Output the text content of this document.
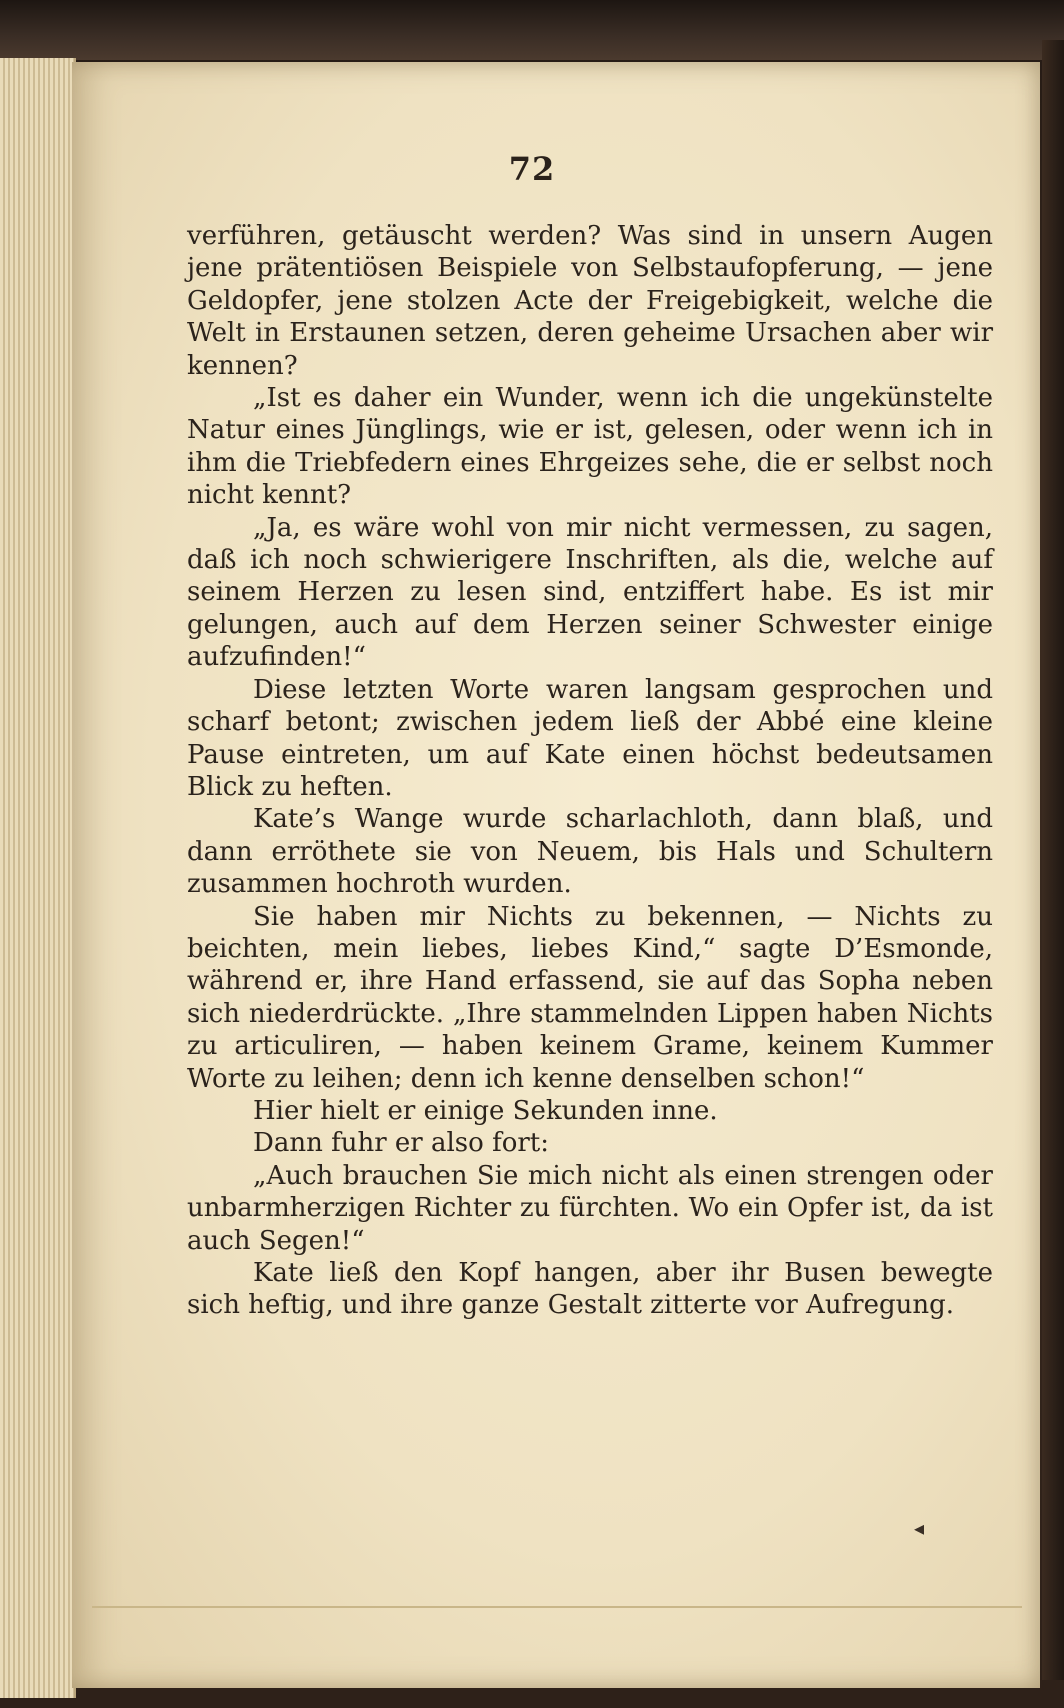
72

verführen, getäuscht werden? Was sind in unsern Augen jene prätentiösen Beispiele von Selbstaufopferung, — jene Geldopfer, jene stolzen Acte der Freigebigkeit, welche die Welt in Erstaunen setzen, deren geheime Ursachen aber wir kennen?

„Ist es daher ein Wunder, wenn ich die ungekünstelte Natur eines Jünglings, wie er ist, gelesen, oder wenn ich in ihm die Triebfedern eines Ehrgeizes sehe, die er selbst noch nicht kennt?

„Ja, es wäre wohl von mir nicht vermessen, zu sagen, daß ich noch schwierigere Inschriften, als die, welche auf seinem Herzen zu lesen sind, entziffert habe. Es ist mir gelungen, auch auf dem Herzen seiner Schwester einige aufzufinden!“

Diese letzten Worte waren langsam gesprochen und scharf betont; zwischen jedem ließ der Abbé eine kleine Pause eintreten, um auf Kate einen höchst bedeutsamen Blick zu heften.

Kate’s Wange wurde scharlachloth, dann blaß, und dann erröthete sie von Neuem, bis Hals und Schultern zusammen hochroth wurden.

Sie haben mir Nichts zu bekennen, — Nichts zu beichten, mein liebes, liebes Kind,“ sagte D’Esmonde, während er, ihre Hand erfassend, sie auf das Sopha neben sich niederdrückte. „Ihre stammelnden Lippen haben Nichts zu articuliren, — haben keinem Grame, keinem Kummer Worte zu leihen; denn ich kenne denselben schon!“

Hier hielt er einige Sekunden inne.

Dann fuhr er also fort:

„Auch brauchen Sie mich nicht als einen strengen oder unbarmherzigen Richter zu fürchten. Wo ein Opfer ist, da ist auch Segen!“

Kate ließ den Kopf hangen, aber ihr Busen bewegte sich heftig, und ihre ganze Gestalt zitterte vor Aufregung.

◂
